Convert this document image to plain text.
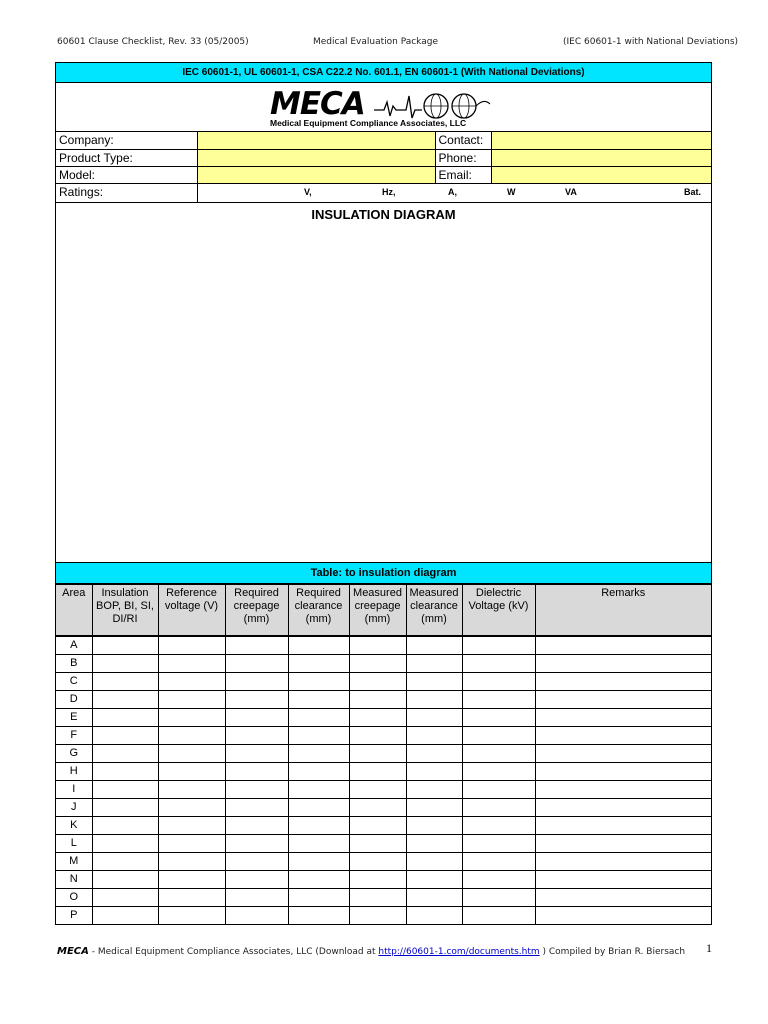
60601 Clause Checklist, Rev. 33 (05/2005)	Medical Evaluation Package	(IEC 60601-1 with National Deviations)
IEC 60601-1, UL 60601-1, CSA C22.2 No. 601.1, EN 60601-1 (With National Deviations)
MECA
Medical Equipment Compliance Associates, LLC
Company:		Contact:	
Product Type:		Phone:	
Model:		Email:	
Ratings:	V,	Hz,	A,	W	VA	Bat.
INSULATION DIAGRAM
Table: to insulation diagram
Area	Insulation BOP, BI, SI, DI/RI	Reference voltage (V)	Required creepage (mm)	Required clearance (mm)	Measured creepage (mm)	Measured clearance (mm)	Dielectric Voltage (kV)	Remarks
A								
B								
C								
D								
E								
F								
G								
H								
I								
J								
K								
L								
M								
N								
O								
P								
MECA - Medical Equipment Compliance Associates, LLC (Download at http://60601-1.com/documents.htm ) Compiled by Brian R. Biersach 1
